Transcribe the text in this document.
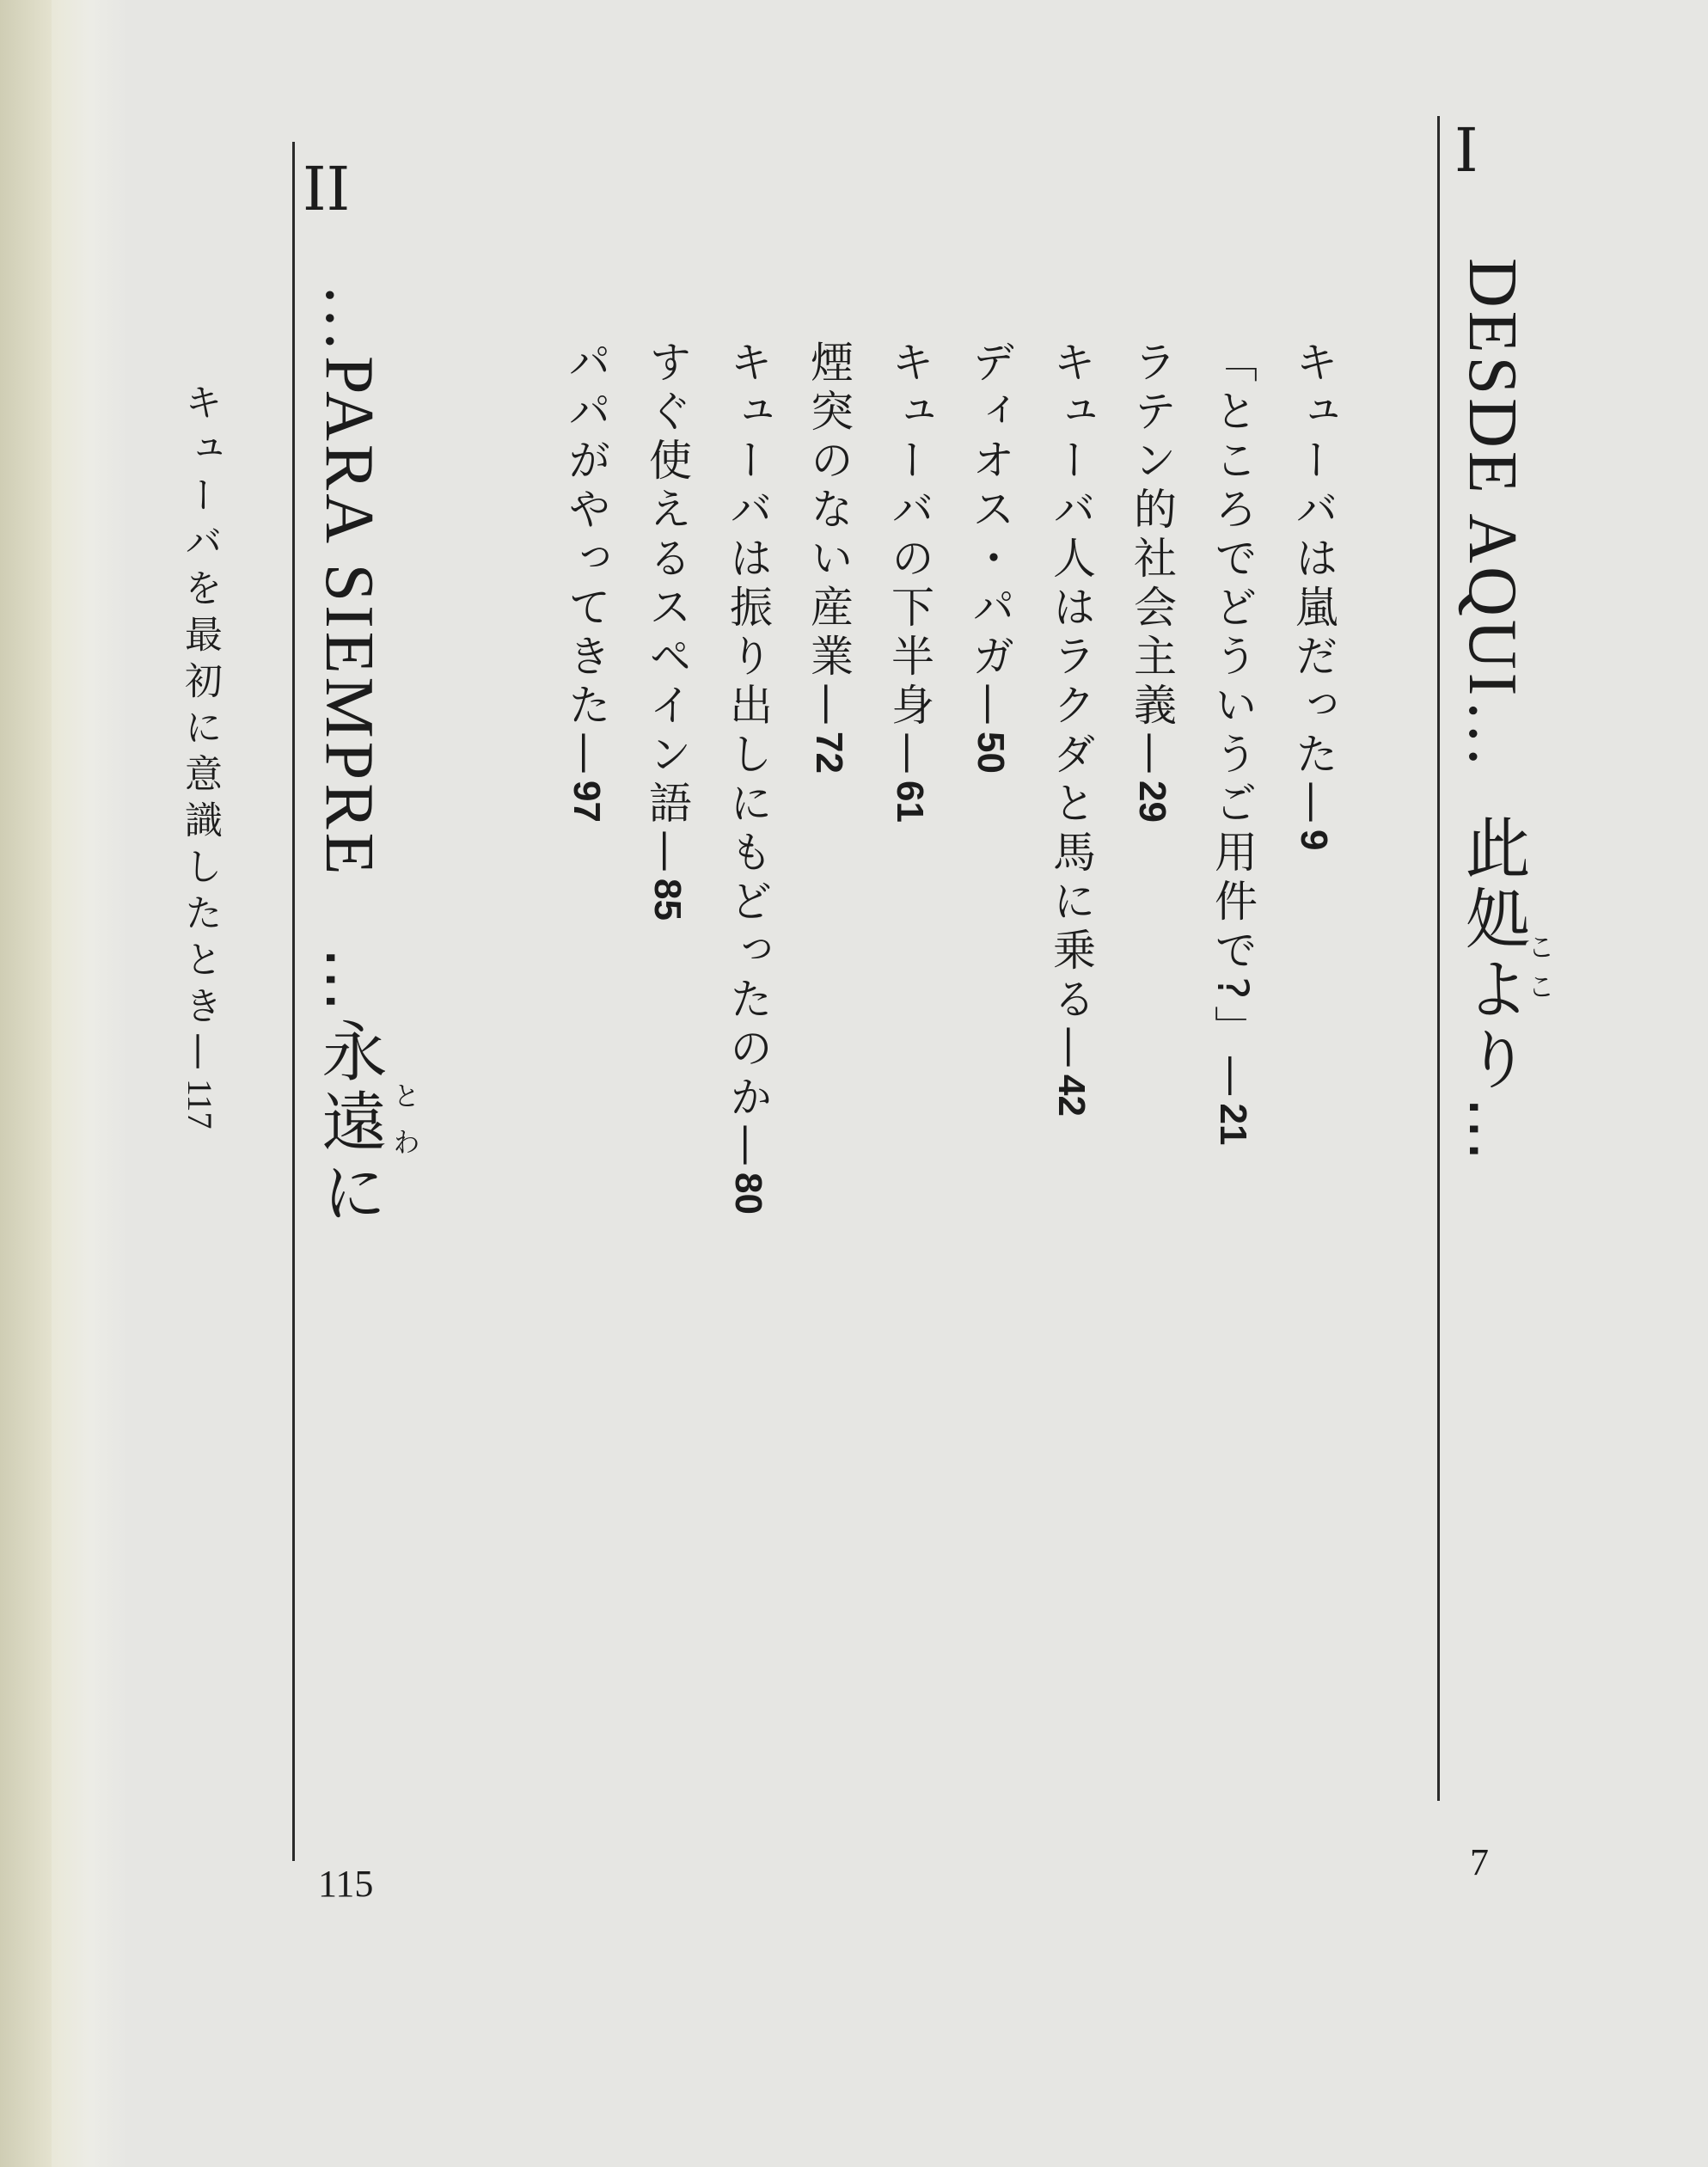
I
7
DESDE AQUI…此処より…
ここ
キューバは嵐だった—9
「ところでどういうご用件で?」—21
ラテン的社会主義—29
キューバ人はラクダと馬に乗る—42
ディオス・パガ—50
キューバの下半身—61
煙突のない産業—72
キューバは振り出しにもどったのか—80
すぐ使えるスペイン語—85
パパがやってきた—97
II
115
…PARA SIEMPRE…永遠に とわ
キューバを最初に意識したとき—117
